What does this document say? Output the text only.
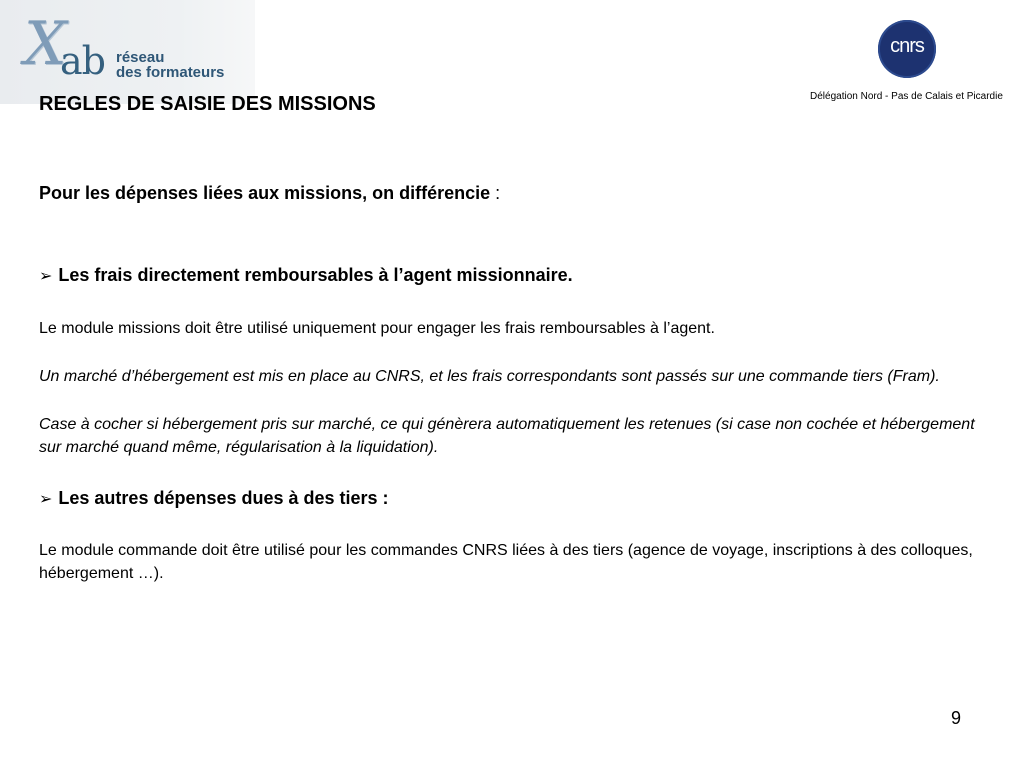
X
ab réseau
des formateurs
cnrs
Délégation Nord - Pas de Calais et Picardie
REGLES DE SAISIE DES MISSIONS
Pour les dépenses liées aux missions, on différencie :
➢ Les frais directement remboursables à l’agent missionnaire.
Le module missions doit être utilisé uniquement pour engager les frais remboursables à l’agent.
Un marché d’hébergement est mis en place au CNRS, et les frais correspondants sont passés sur une commande tiers (Fram).
Case à cocher si hébergement pris sur marché, ce qui génèrera automatiquement les retenues (si case non cochée et hébergement sur marché quand même, régularisation à la liquidation).
➢ Les autres dépenses dues à des tiers :
Le module commande doit être utilisé pour les commandes CNRS liées à des tiers (agence de voyage, inscriptions à des colloques, hébergement …).
9
